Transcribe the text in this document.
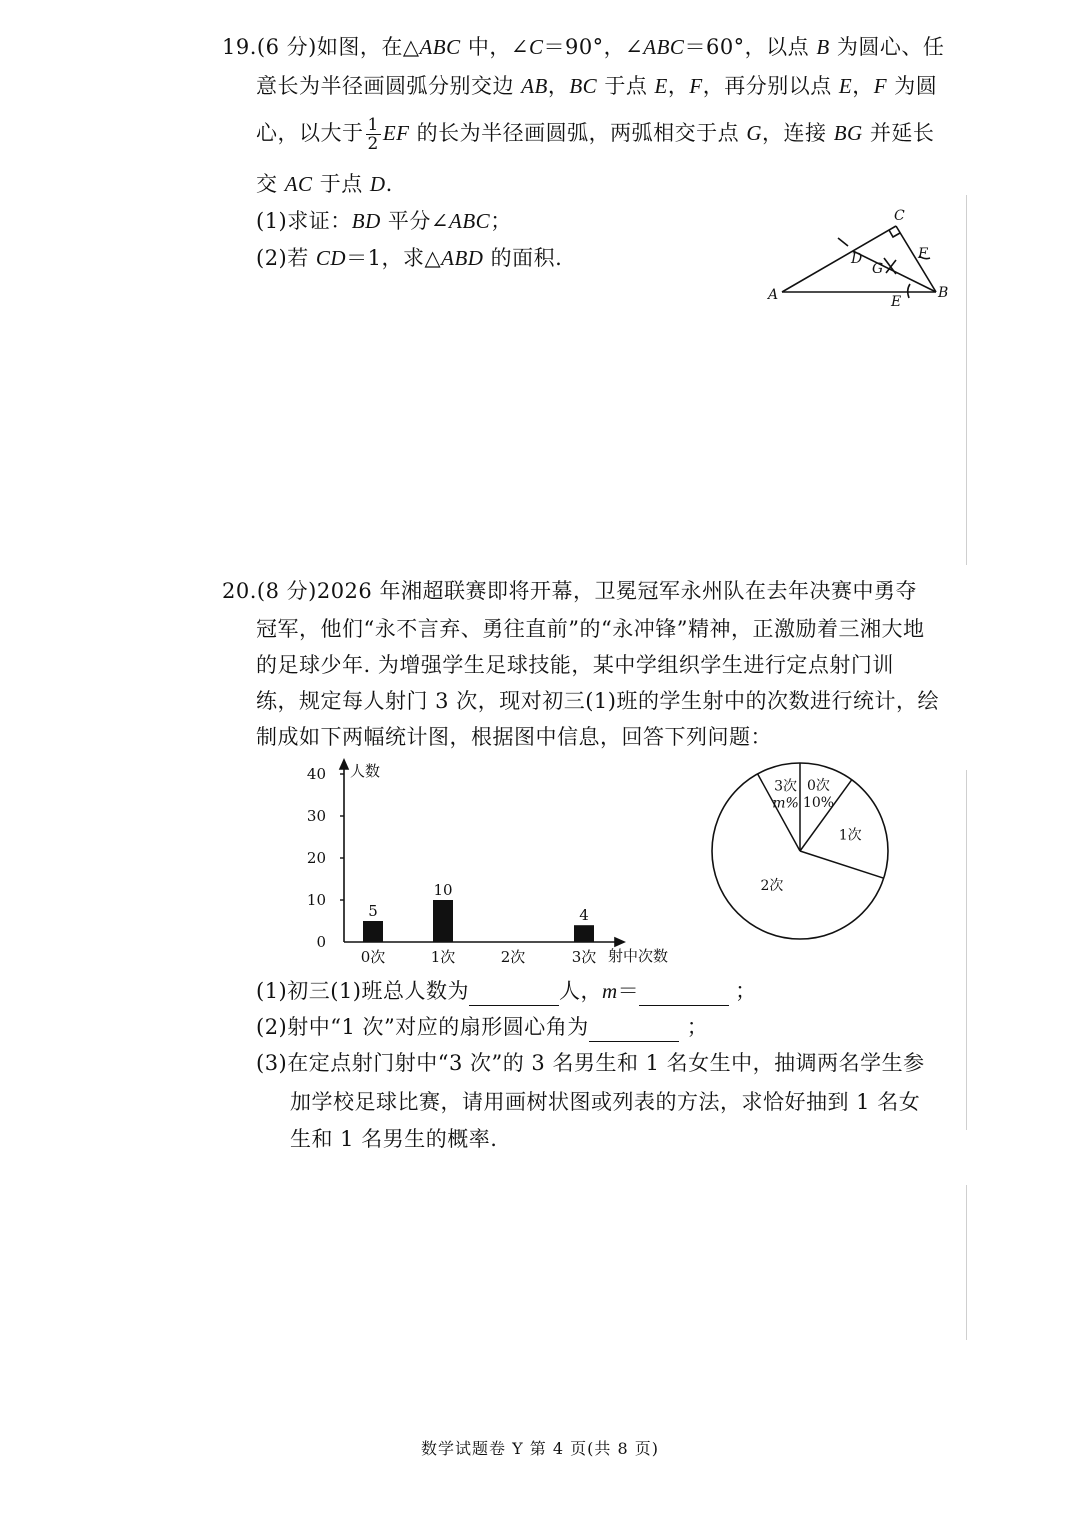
19.(6 分)如图，在△ABC 中，∠C＝90°，∠ABC＝60°，以点 B 为圆心、任
意长为半径画圆弧分别交边 AB，BC 于点 E，F，再分别以点 E，F 为圆
心，以大于 $\frac{1}{2}$ EF 的长为半径画圆弧，两弧相交于点 G，连接 BG 并延长
交 AC 于点 D.
(1)求证：BD 平分∠ABC；
(2)若 CD＝1，求△ABD 的面积.
C
D	F
G
A	E
B
20.(8 分)2026 年湘超联赛即将开幕，卫冕冠军永州队在去年决赛中勇夺
冠军，他们“永不言弃、勇往直前”的“永冲锋”精神，正激励着三湘大地
的足球少年. 为增强学生足球技能，某中学组织学生进行定点射门训
练，规定每人射门 3 次，现对初三(1)班的学生射中的次数进行统计，绘
制成如下两幅统计图，根据图中信息，回答下列问题：
人数
射中次数
0
10
20
30
40
0次
5
1次
10
2次	3次
4
0次
10%
1次
2次
3次
m%
(1)初三(1)班总人数为	人，m＝	；
(2)射中“1 次”对应的扇形圆心角为	；
(3)在定点射门射中“3 次”的 3 名男生和 1 名女生中，抽调两名学生参
加学校足球比赛，请用画树状图或列表的方法，求恰好抽到 1 名女
生和 1 名男生的概率.
数学试题卷 Y 第 4 页(共 8 页)
